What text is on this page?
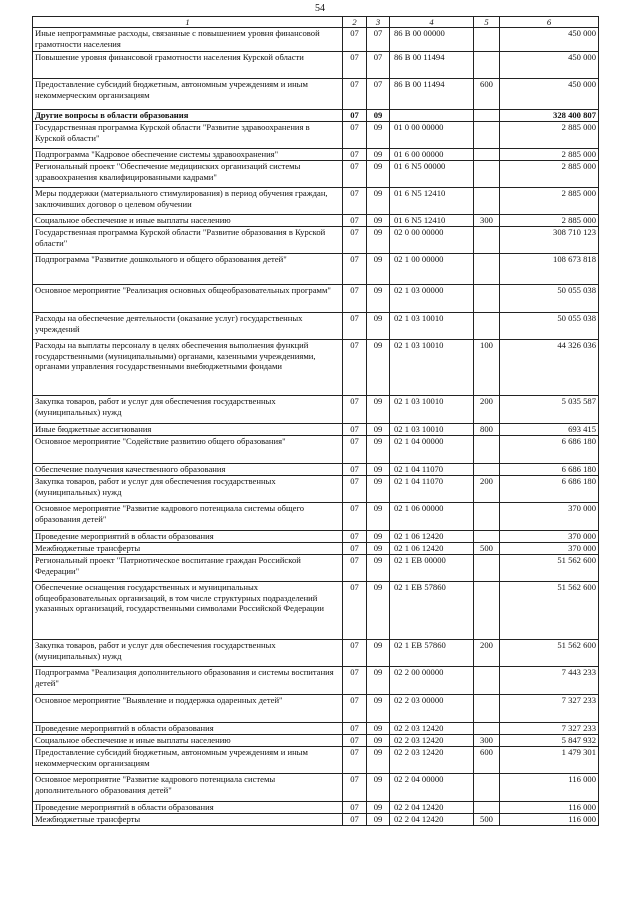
54
1	2	3	4	5	6
Иные непрограммные расходы, связанные с повышением уровня финансовой грамотности населения	07	07	86 В 00 00000		450 000
Повышение уровня финансовой грамотности населения Курской области	07	07	86 В 00 11494		450 000
Предоставление субсидий бюджетным, автономным учреждениям и иным некоммерческим организациям	07	07	86 В 00 11494	600	450 000
Другие вопросы в области образования	07	09			328 400 807
Государственная программа Курской области "Развитие здравоохранения в Курской области"	07	09	01 0 00 00000		2 885 000
Подпрограмма "Кадровое обеспечение системы здравоохранения"	07	09	01 6 00 00000		2 885 000
Региональный проект "Обеспечение медицинских организаций системы здравоохранения квалифицированными кадрами"	07	09	01 6 N5 00000		2 885 000
Меры поддержки (материального стимулирования) в период обучения граждан, заключивших договор о целевом обучении	07	09	01 6 N5 12410		2 885 000
Социальное обеспечение и иные выплаты населению	07	09	01 6 N5 12410	300	2 885 000
Государственная программа Курской области "Развитие образования в Курской области"	07	09	02 0 00 00000		308 710 123
Подпрограмма "Развитие дошкольного и общего образования детей"	07	09	02 1 00 00000		108 673 818
Основное мероприятие "Реализация основных общеобразовательных программ"	07	09	02 1 03 00000		50 055 038
Расходы на обеспечение деятельности (оказание услуг) государственных учреждений	07	09	02 1 03 10010		50 055 038
Расходы на выплаты персоналу в целях обеспечения выполнения функций государственными (муниципальными) органами, казенными учреждениями, органами управления государственными внебюджетными фондами	07	09	02 1 03 10010	100	44 326 036
Закупка товаров, работ и услуг для обеспечения государственных (муниципальных) нужд	07	09	02 1 03 10010	200	5 035 587
Иные бюджетные ассигнования	07	09	02 1 03 10010	800	693 415
Основное мероприятие "Содействие развитию общего образования"	07	09	02 1 04 00000		6 686 180
Обеспечение получения качественного образования	07	09	02 1 04 11070		6 686 180
Закупка товаров, работ и услуг для обеспечения государственных (муниципальных) нужд	07	09	02 1 04 11070	200	6 686 180
Основное мероприятие "Развитие кадрового потенциала системы общего образования детей"	07	09	02 1 06 00000		370 000
Проведение мероприятий в области образования	07	09	02 1 06 12420		370 000
Межбюджетные трансферты	07	09	02 1 06 12420	500	370 000
Региональный проект "Патриотическое воспитание граждан Российской Федерации"	07	09	02 1 EB 00000		51 562 600
Обеспечение оснащения государственных и муниципальных общеобразовательных организаций, в том числе структурных подразделений указанных организаций, государственными символами Российской Федерации	07	09	02 1 EB 57860		51 562 600
Закупка товаров, работ и услуг для обеспечения государственных (муниципальных) нужд	07	09	02 1 EB 57860	200	51 562 600
Подпрограмма "Реализация дополнительного образования и системы воспитания детей"	07	09	02 2 00 00000		7 443 233
Основное мероприятие "Выявление и поддержка одаренных детей"	07	09	02 2 03 00000		7 327 233
Проведение мероприятий в области образования	07	09	02 2 03 12420		7 327 233
Социальное обеспечение и иные выплаты населению	07	09	02 2 03 12420	300	5 847 932
Предоставление субсидий бюджетным, автономным учреждениям и иным некоммерческим организациям	07	09	02 2 03 12420	600	1 479 301
Основное мероприятие "Развитие кадрового потенциала системы дополнительного образования детей"	07	09	02 2 04 00000		116 000
Проведение мероприятий в области образования	07	09	02 2 04 12420		116 000
Межбюджетные трансферты	07	09	02 2 04 12420	500	116 000
